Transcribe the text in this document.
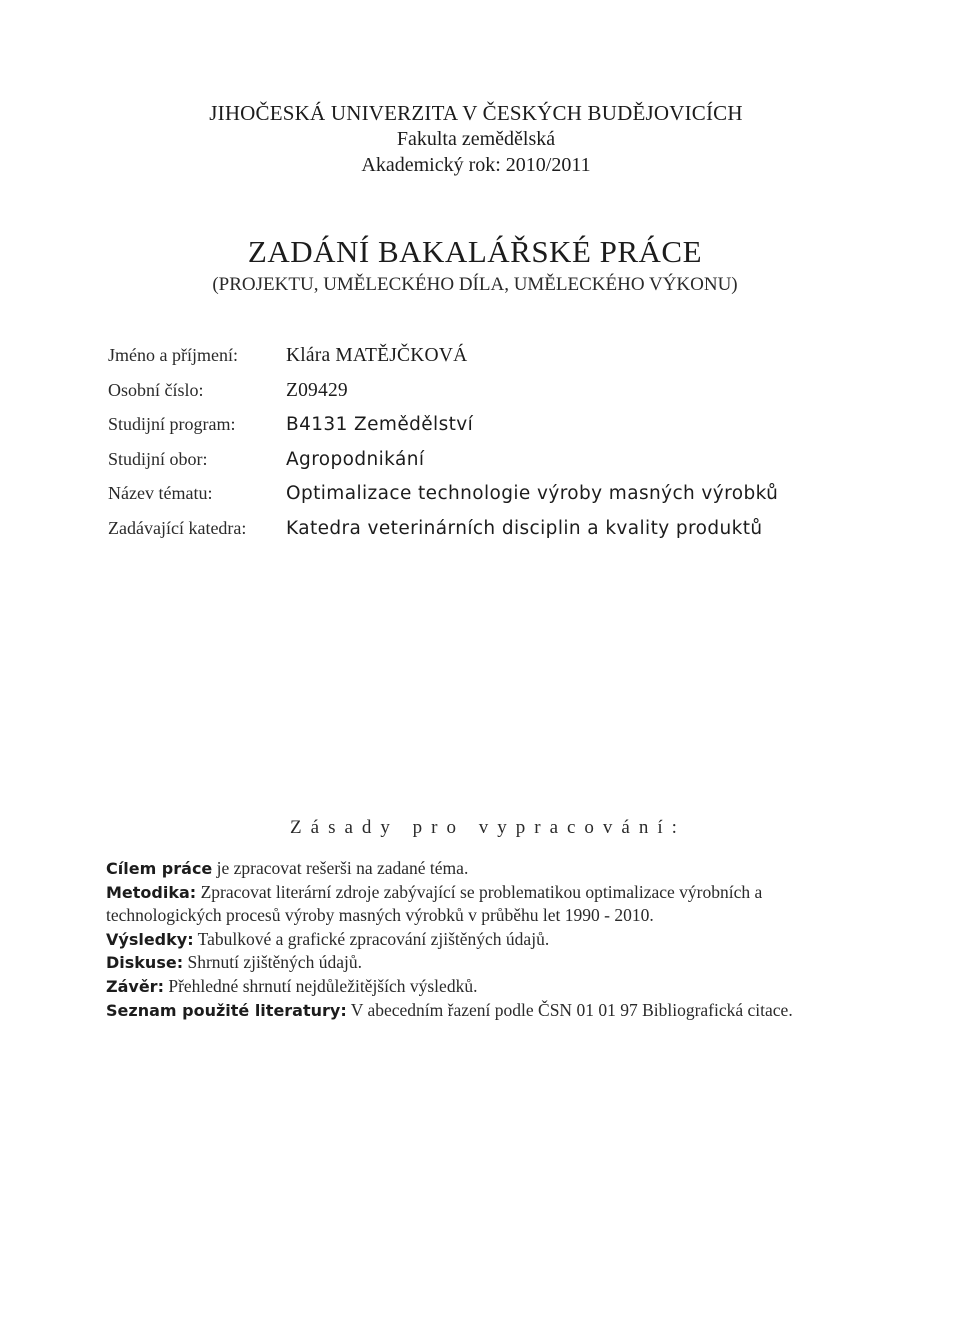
JIHOČESKÁ UNIVERZITA V ČESKÝCH BUDĚJOVICÍCH
Fakulta zemědělská
Akademický rok: 2010/2011
ZADÁNÍ BAKALÁŘSKÉ PRÁCE
(PROJEKTU, UMĚLECKÉHO DÍLA, UMĚLECKÉHO VÝKONU)
Jméno a příjmení:	Klára MATĚJČKOVÁ
Osobní číslo:	Z09429
Studijní program:	B4131 Zemědělství
Studijní obor:	Agropodnikání
Název tématu:	Optimalizace technologie výroby masných výrobků
Zadávající katedra:	Katedra veterinárních disciplin a kvality produktů
Zásady pro vypracování:

Cílem práce je zpracovat rešerši na zadané téma.

Metodika: Zpracovat literární zdroje zabývající se problematikou optimalizace výrobních a technologických procesů výroby masných výrobků v průběhu let 1990 - 2010.

Výsledky: Tabulkové a grafické zpracování zjištěných údajů.

Diskuse: Shrnutí zjištěných údajů.

Závěr: Přehledné shrnutí nejdůležitějších výsledků.

Seznam použité literatury: V abecedním řazení podle ČSN 01 01 97 Bibliografická citace.
